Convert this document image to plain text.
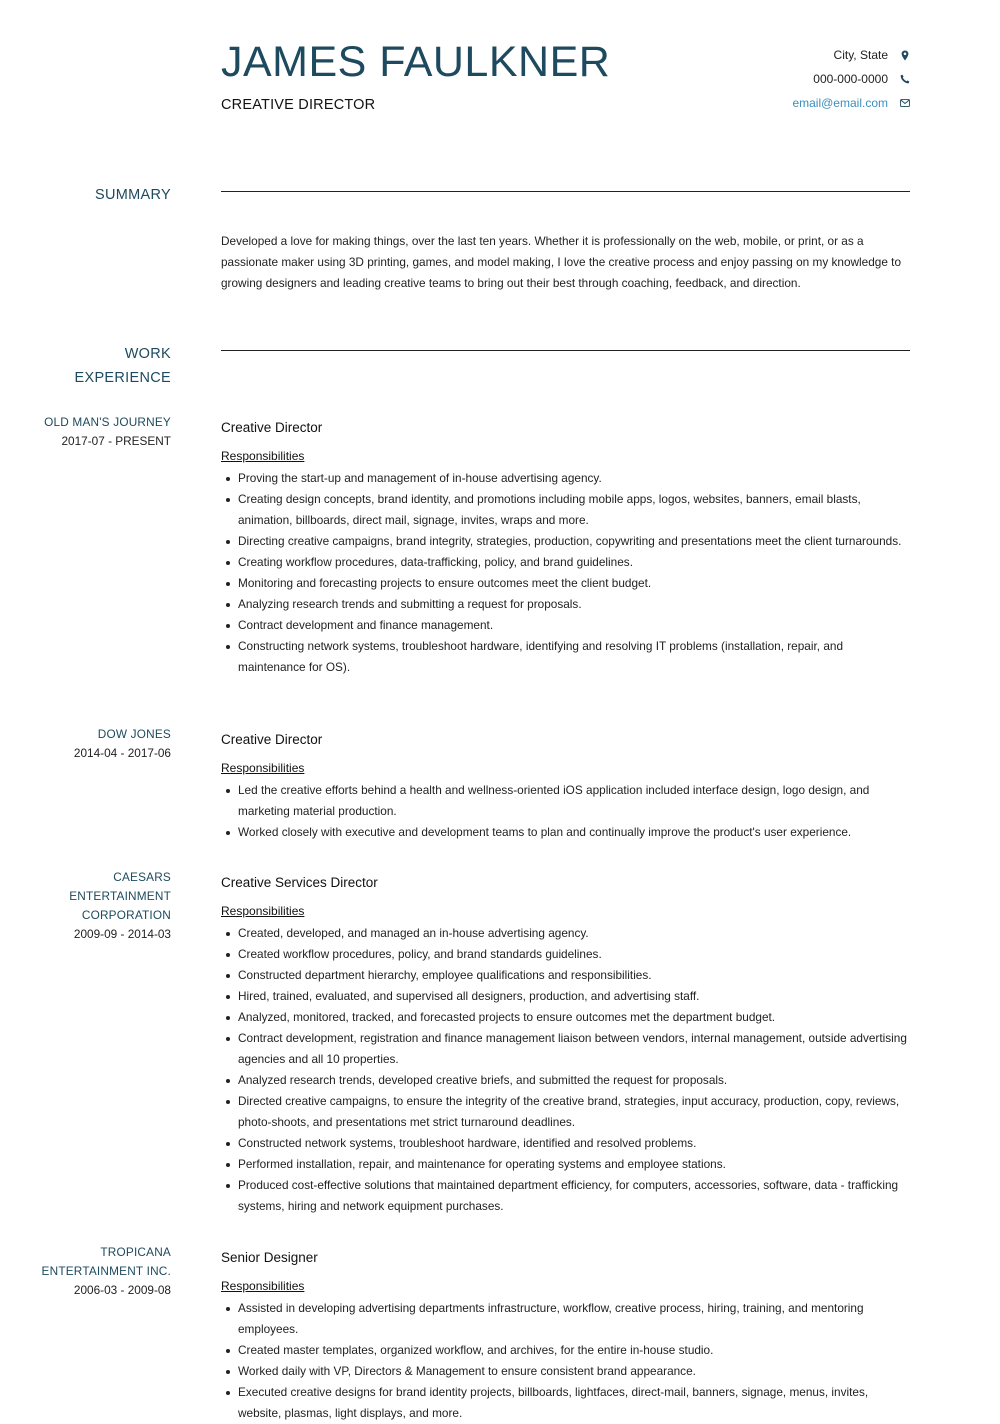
JAMES FAULKNER
CREATIVE DIRECTOR
City, State
000-000-0000
email@email.com
SUMMARY

Developed a love for making things, over the last ten years. Whether it is professionally on the web, mobile, or print, or as a passionate maker using 3D printing, games, and model making, I love the creative process and enjoy passing on my knowledge to growing designers and leading creative teams to bring out their best through coaching, feedback, and direction.

WORK
EXPERIENCE
OLD MAN'S JOURNEY
2017-07 - PRESENT
Creative Director
Responsibilities
Proving the start-up and management of in-house advertising agency.
Creating design concepts, brand identity, and promotions including mobile apps, logos, websites, banners, email blasts, animation, billboards, direct mail, signage, invites, wraps and more.
Directing creative campaigns, brand integrity, strategies, production, copywriting and presentations meet the client turnarounds.
Creating workflow procedures, data-trafficking, policy, and brand guidelines.
Monitoring and forecasting projects to ensure outcomes meet the client budget.
Analyzing research trends and submitting a request for proposals.
Contract development and finance management.
Constructing network systems, troubleshoot hardware, identifying and resolving IT problems (installation, repair, and maintenance for OS).
DOW JONES
2014-04 - 2017-06
Creative Director
Responsibilities
Led the creative efforts behind a health and wellness-oriented iOS application included interface design, logo design, and marketing material production.
Worked closely with executive and development teams to plan and continually improve the product's user experience.
CAESARS
ENTERTAINMENT
CORPORATION
2009-09 - 2014-03
Creative Services Director
Responsibilities
Created, developed, and managed an in-house advertising agency.
Created workflow procedures, policy, and brand standards guidelines.
Constructed department hierarchy, employee qualifications and responsibilities.
Hired, trained, evaluated, and supervised all designers, production, and advertising staff.
Analyzed, monitored, tracked, and forecasted projects to ensure outcomes met the department budget.
Contract development, registration and finance management liaison between vendors, internal management, outside advertising agencies and all 10 properties.
Analyzed research trends, developed creative briefs, and submitted the request for proposals.
Directed creative campaigns, to ensure the integrity of the creative brand, strategies, input accuracy, production, copy, reviews, photo-shoots, and presentations met strict turnaround deadlines.
Constructed network systems, troubleshoot hardware, identified and resolved problems.
Performed installation, repair, and maintenance for operating systems and employee stations.
Produced cost-effective solutions that maintained department efficiency, for computers, accessories, software, data - trafficking systems, hiring and network equipment purchases.
TROPICANA
ENTERTAINMENT INC.
2006-03 - 2009-08
Senior Designer
Responsibilities
Assisted in developing advertising departments infrastructure, workflow, creative process, hiring, training, and mentoring employees.
Created master templates, organized workflow, and archives, for the entire in-house studio.
Worked daily with VP, Directors & Management to ensure consistent brand appearance.
Executed creative designs for brand identity projects, billboards, lightfaces, direct-mail, banners, signage, menus, invites, website, plasmas, light displays, and more.
